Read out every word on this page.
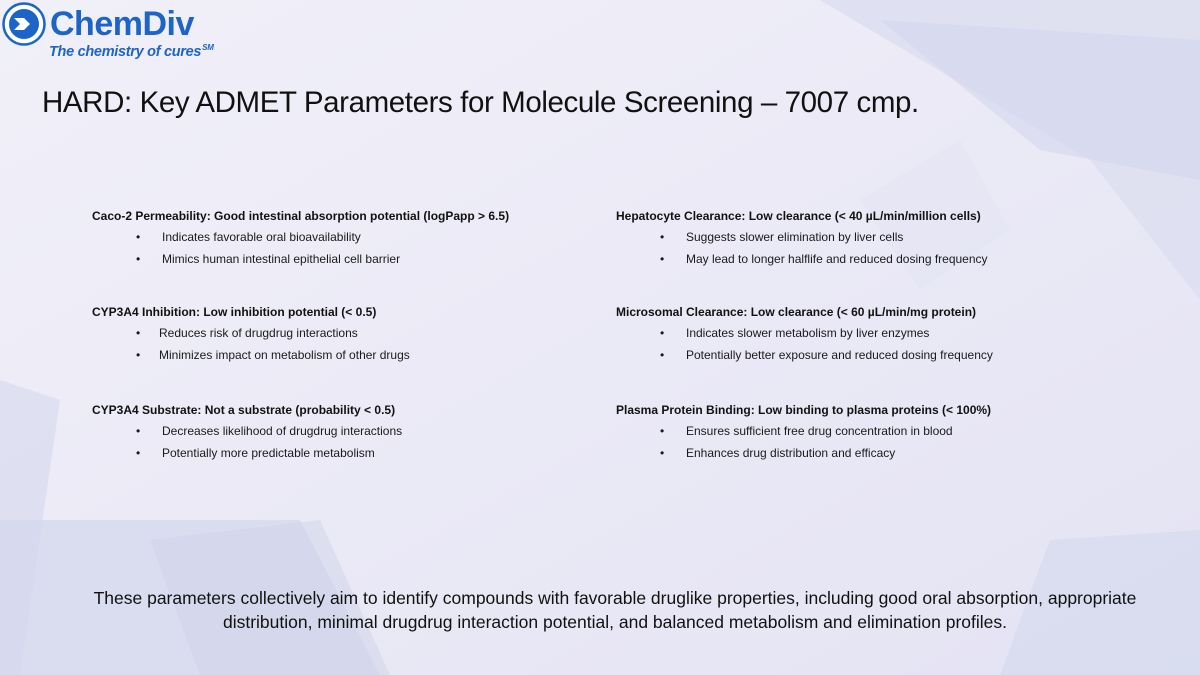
ChemDiv
The chemistry of cures℠
HARD: Key ADMET Parameters for Molecule Screening – 7007 cmp.
Caco-2 Permeability: Good intestinal absorption potential (logPapp > 6.5)
• Indicates favorable oral bioavailability
• Mimics human intestinal epithelial cell barrier
CYP3A4 Inhibition: Low inhibition potential (< 0.5)
• Reduces risk of drugdrug interactions
• Minimizes impact on metabolism of other drugs
CYP3A4 Substrate: Not a substrate (probability < 0.5)
• Decreases likelihood of drugdrug interactions
• Potentially more predictable metabolism
Hepatocyte Clearance: Low clearance (< 40 µL/min/million cells)
• Suggests slower elimination by liver cells
• May lead to longer halflife and reduced dosing frequency
Microsomal Clearance: Low clearance (< 60 µL/min/mg protein)
• Indicates slower metabolism by liver enzymes
• Potentially better exposure and reduced dosing frequency
Plasma Protein Binding: Low binding to plasma proteins (< 100%)
• Ensures sufficient free drug concentration in blood
• Enhances drug distribution and efficacy
These parameters collectively aim to identify compounds with favorable druglike properties, including good oral absorption, appropriate distribution, minimal drugdrug interaction potential, and balanced metabolism and elimination profiles.
